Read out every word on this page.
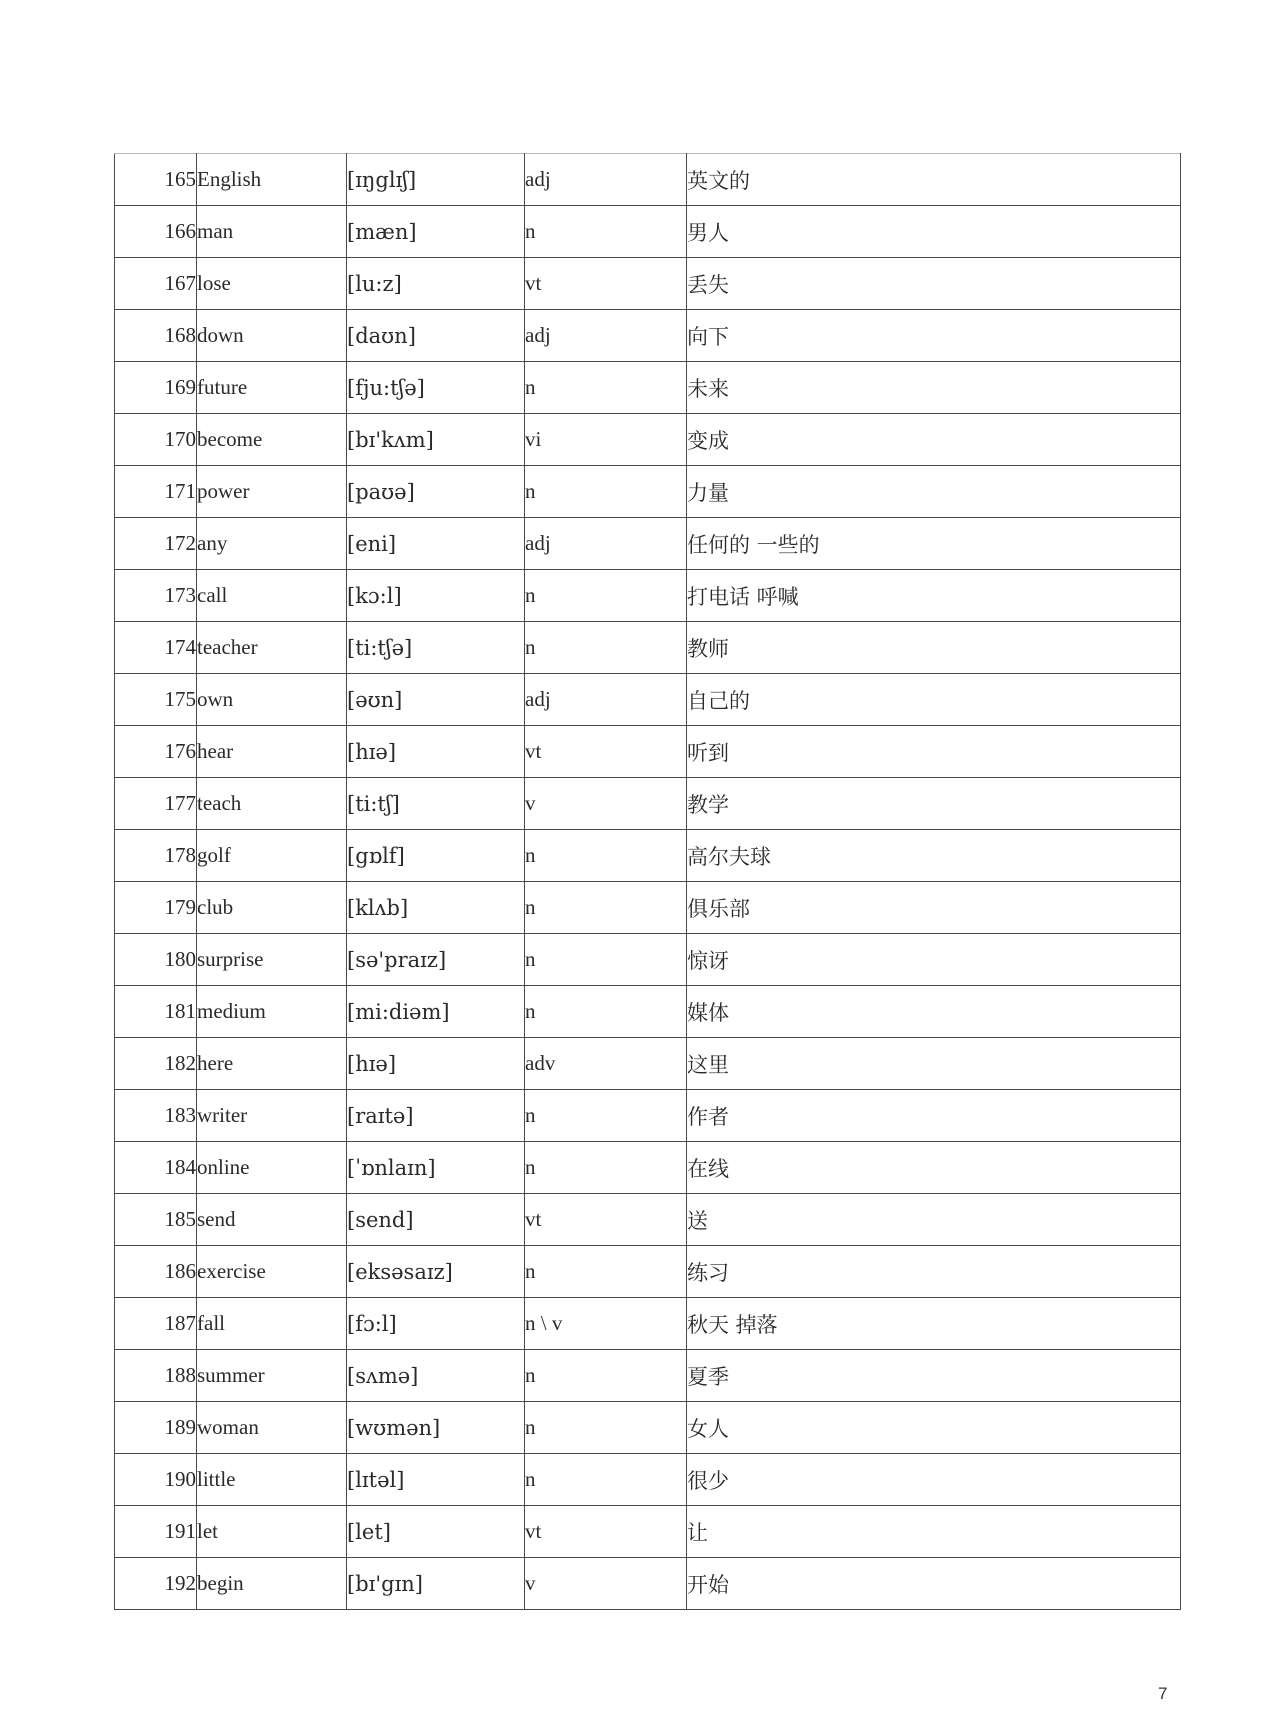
165	English	[ɪŋglɪʃ]	adj	英文的
166	man	[mæn]	n	男人
167	lose	[lu:z]	vt	丢失
168	down	[daʊn]	adj	向下
169	future	[fju:tʃə]	n	未来
170	become	[bɪ'kʌm]	vi	变成
171	power	[paʊə]	n	力量
172	any	[eni]	adj	任何的 一些的
173	call	[kɔ:l]	n	打电话 呼喊
174	teacher	[ti:tʃə]	n	教师
175	own	[əʊn]	adj	自己的
176	hear	[hɪə]	vt	听到
177	teach	[ti:tʃ]	v	教学
178	golf	[gɒlf]	n	高尔夫球
179	club	[klʌb]	n	俱乐部
180	surprise	[sə'praɪz]	n	惊讶
181	medium	[mi:diəm]	n	媒体
182	here	[hɪə]	adv	这里
183	writer	[raɪtə]	n	作者
184	online	[ˈɒnlaɪn]	n	在线
185	send	[send]	vt	送
186	exercise	[eksəsaɪz]	n	练习
187	fall	[fɔ:l]	n \ v	秋天 掉落
188	summer	[sʌmə]	n	夏季
189	woman	[wʊmən]	n	女人
190	little	[lɪtəl]	n	很少
191	let	[let]	vt	让
192	begin	[bɪ'gɪn]	v	开始
7
